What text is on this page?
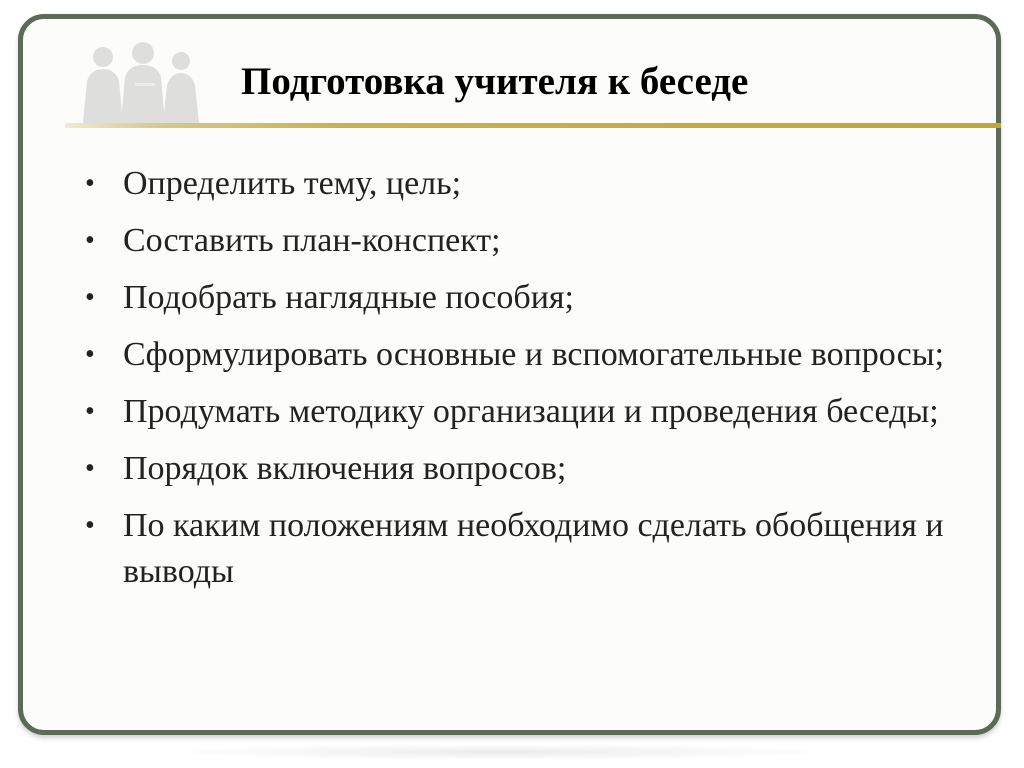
Подготовка учителя к беседе
• Определить тему, цель;
• Составить план-конспект;
• Подобрать наглядные пособия;
• Сформулировать основные и вспомогательные вопросы;
• Продумать методику организации и проведения беседы;
• Порядок включения вопросов;
• По каким положениям необходимо сделать обобщения и выводы
